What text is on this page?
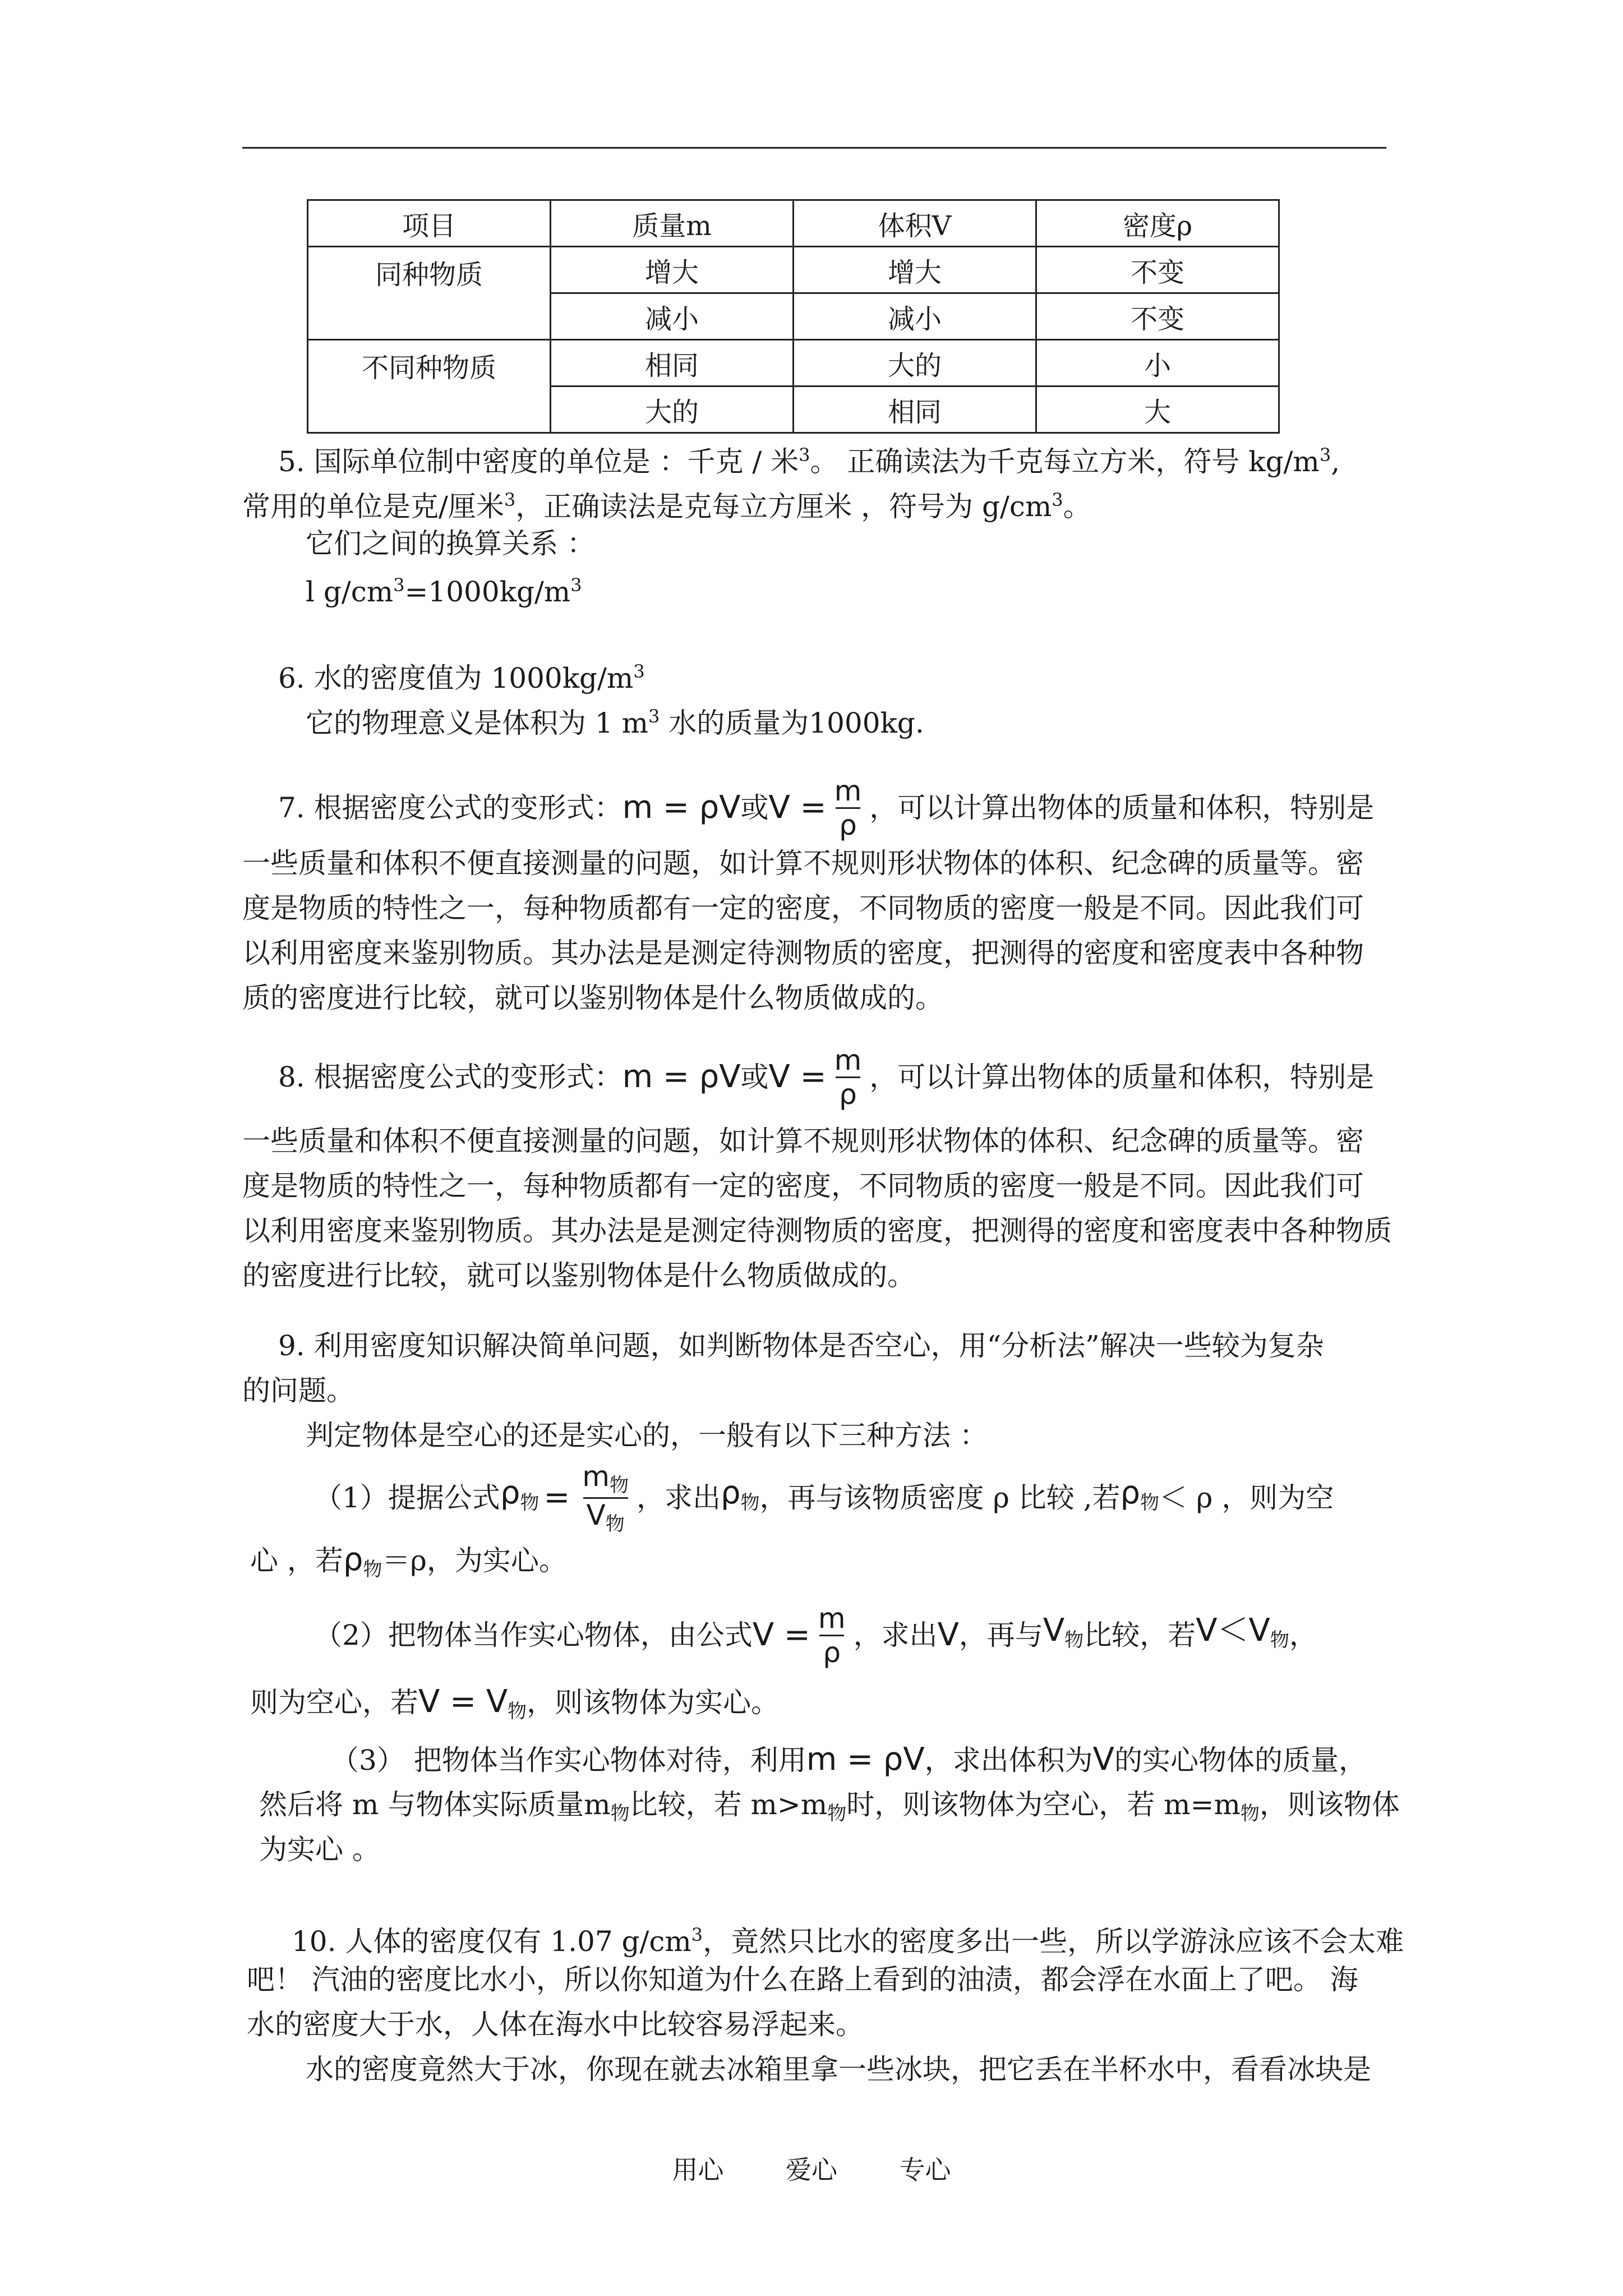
项目	质量m	体积V	密度ρ
同种物质	增大	增大	不变
	减小	减小	不变
不同种物质	相同	大的	小
	大的	相同	大
5. 国际单位制中密度的单位是 ：千克 / 米$^3$。 正确读法为千克每立方米，符号 $kg/m^3$,
常用的单位是克/厘米$^3$，正确读法是克每立方厘米 ，符号为 $g/cm^3$。
它们之间的换算关系 ：
l $g/cm^3=1000kg/m^3$
6. 水的密度值为 $1000kg/m^3$
它的物理意义是体积为 1 $m^3$ 水的质量为1000kg.
7. 根据密度公式的变形式： m = ρV 或 $V = \frac{m}{\rho}$ ，可以计算出物体的质量和体积，特别是
一些质量和体积不便直接测量的问题，如计算不规则形状物体的体积、纪念碑的质量等。密
度是物质的特性之一，每种物质都有一定的密度，不同物质的密度一般是不同。因此我们可
以利用密度来鉴别物质。其办法是是测定待测物质的密度，把测得的密度和密度表中各种物
质的密度进行比较，就可以鉴别物体是什么物质做成的。
8. 根据密度公式的变形式： m = ρV 或 $V = \frac{m}{\rho}$ ，可以计算出物体的质量和体积，特别是
一些质量和体积不便直接测量的问题，如计算不规则形状物体的体积、纪念碑的质量等。密
度是物质的特性之一，每种物质都有一定的密度，不同物质的密度一般是不同。因此我们可
以利用密度来鉴别物质。其办法是是测定待测物质的密度，把测得的密度和密度表中各种物质
的密度进行比较，就可以鉴别物体是什么物质做成的。
9. 利用密度知识解决简单问题，如判断物体是否空心，用“分析法”解决一些较为复杂
的问题。
判定物体是空心的还是实心的，一般有以下三种方法 ：
（1）提据公式 $\rho_物 = \frac{m_物}{V_物}$ ，求出 $\rho_物$ ，再与该物质密度 ρ 比较 ,若 $\rho_物 < \rho$ ，则为空
心 ，若$\rho_物=\rho$，为实心。
（2）把物体当作实心物体，由公式 $V = \frac{m}{\rho}$ ，求出 V ，再与 $V_物$ 比较，若 $V<V_物$ ，
则为空心，若$V = V_物$，则该物体为实心。
（3） 把物体当作实心物体对待，利用m = ρV，求出体积为V的实心物体的质量，
然后将 m 与物体实际质量$m_物$比较，若 $m>m_物$时，则该物体为空心，若 $m=m_物$，则该物体
为实心 。
10. 人体的密度仅有 1.07 $g/cm^3$，竟然只比水的密度多出一些，所以学游泳应该不会太难
吧！ 汽油的密度比水小，所以你知道为什么在路上看到的油渍，都会浮在水面上了吧。 海
水的密度大于水，人体在海水中比较容易浮起来。
水的密度竟然大于冰，你现在就去冰箱里拿一些冰块，把它丢在半杯水中，看看冰块是
用心 爱心 专心
